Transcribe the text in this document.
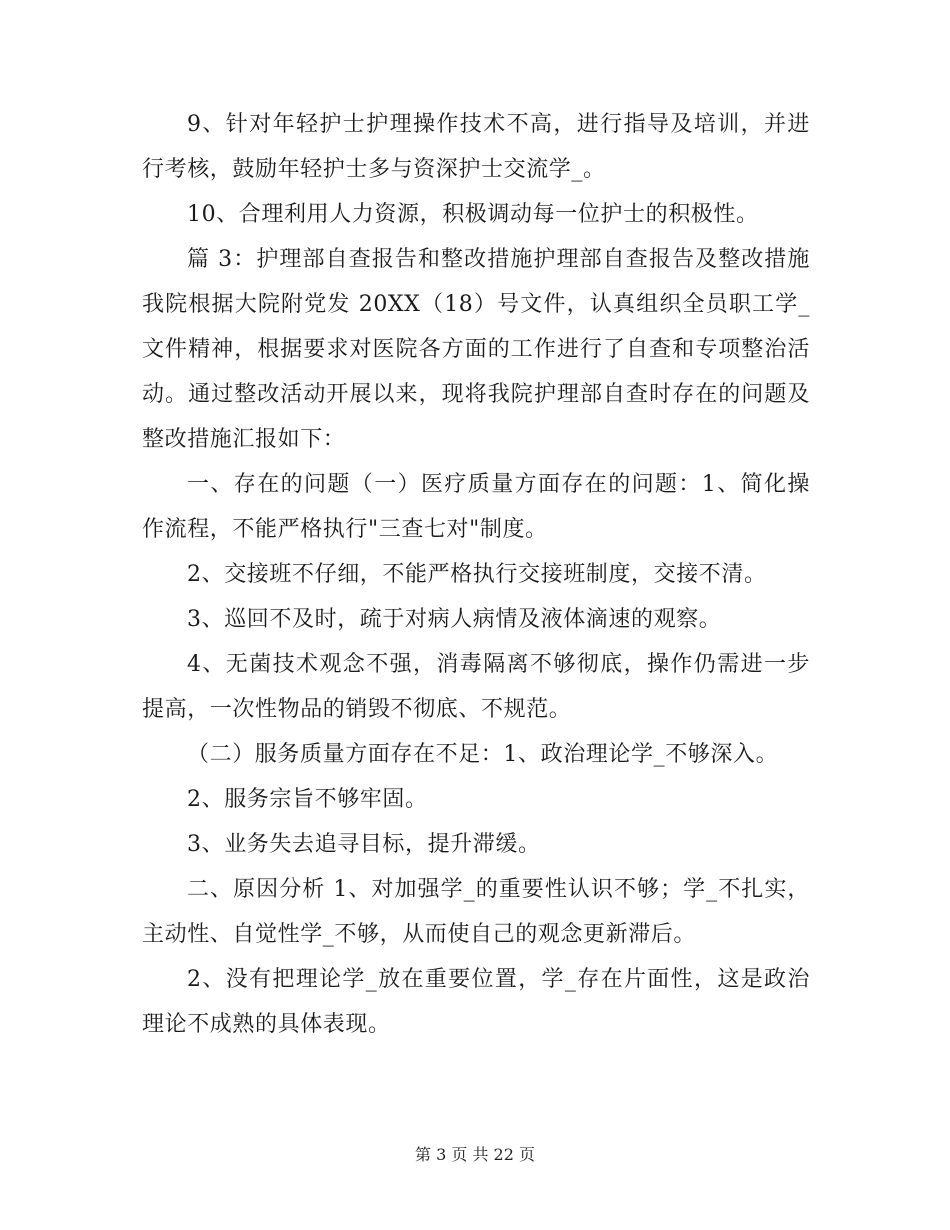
9、针对年轻护士护理操作技术不高，进行指导及培训，并进行考核，鼓励年轻护士多与资深护士交流学_。

10、合理利用人力资源，积极调动每一位护士的积极性。

篇 3：护理部自查报告和整改措施护理部自查报告及整改措施我院根据大院附党发 20XX（18）号文件，认真组织全员职工学_文件精神，根据要求对医院各方面的工作进行了自查和专项整治活动。通过整改活动开展以来，现将我院护理部自查时存在的问题及整改措施汇报如下：

一、存在的问题（一）医疗质量方面存在的问题：1、简化操作流程，不能严格执行"三查七对"制度。

2、交接班不仔细，不能严格执行交接班制度，交接不清。

3、巡回不及时，疏于对病人病情及液体滴速的观察。

4、无菌技术观念不强，消毒隔离不够彻底，操作仍需进一步提高，一次性物品的销毁不彻底、不规范。

（二）服务质量方面存在不足：1、政治理论学_不够深入。

2、服务宗旨不够牢固。

3、业务失去追寻目标，提升滞缓。

二、原因分析 1、对加强学_的重要性认识不够；学_不扎实，主动性、自觉性学_不够，从而使自己的观念更新滞后。

2、没有把理论学_放在重要位置，学_存在片面性，这是政治理论不成熟的具体表现。

第 3 页 共 22 页
